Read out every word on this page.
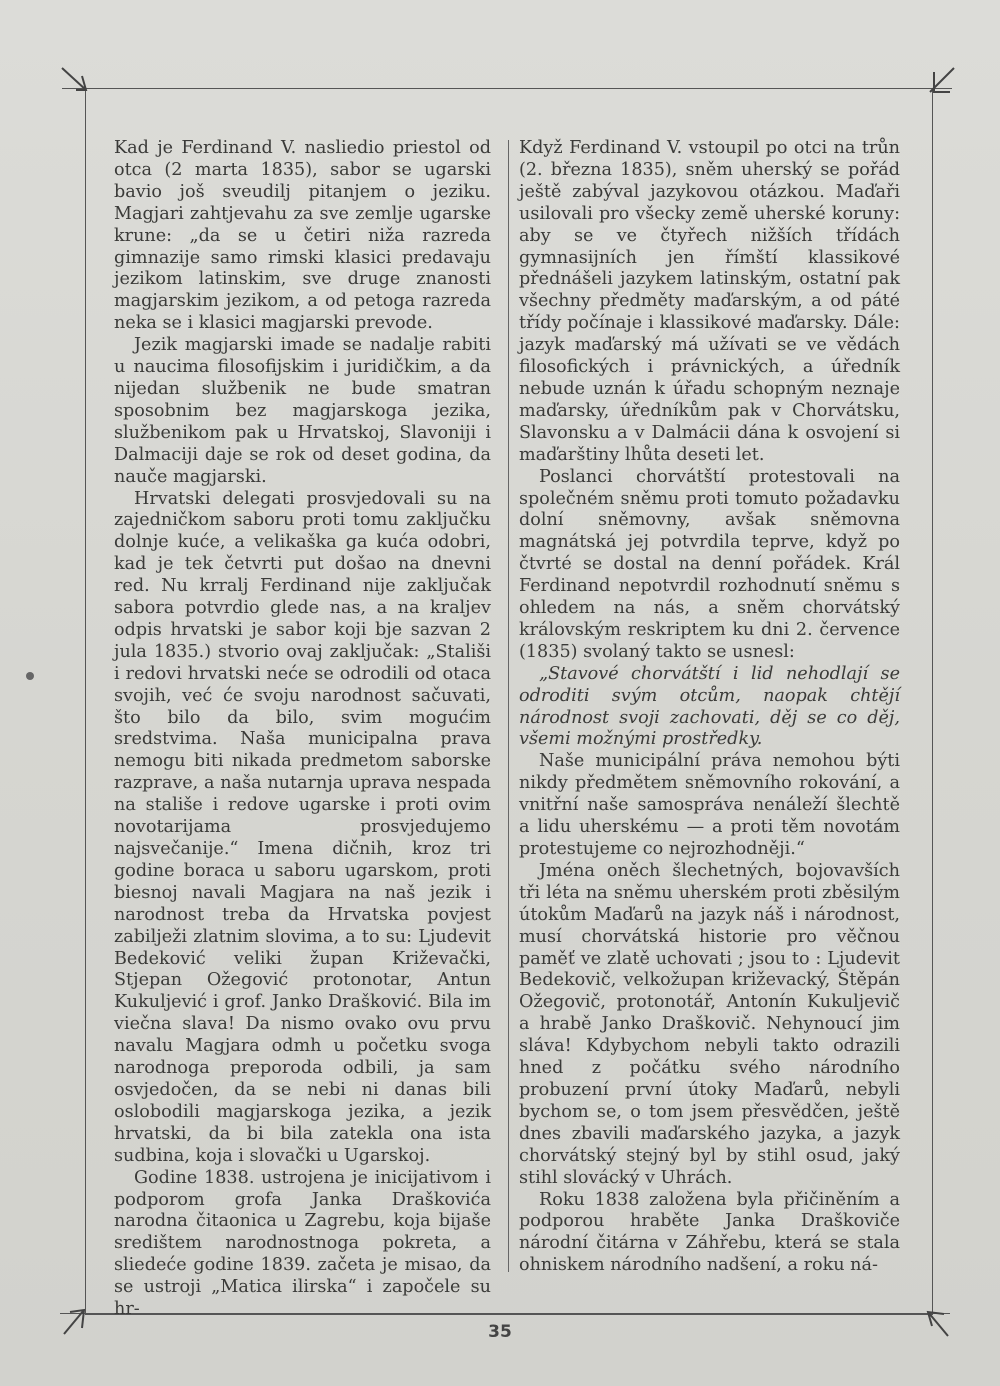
Kad je Ferdinand V. nasliedio priestol od otca (2 marta 1835), sabor se ugarski bavio još sveudilj pitanjem o jeziku. Magjari zahtjevahu za sve zemlje ugarske krune: „da se u četiri niža razreda gimnazije samo rimski klasici predavaju jezikom latinskim, sve druge znanosti magjarskim jezikom, a od petoga razreda neka se i klasici magjarski prevode.

Jezik magjarski imade se nadalje rabiti u naucima filosofijskim i juridičkim, a da nijedan službenik ne bude smatran sposobnim bez magjarskoga jezika, službenikom pak u Hrvatskoj, Slavoniji i Dalmaciji daje se rok od deset godina, da nauče magjarski.

Hrvatski delegati prosvjedovali su na zajedničkom saboru proti tomu zaključku dolnje kuće, a velikaška ga kuća odobri, kad je tek četvrti put došao na dnevni red. Nu krralj Ferdinand nije zaključak sabora potvrdio glede nas, a na kraljev odpis hrvatski je sabor koji bje sazvan 2 jula 1835.) stvorio ovaj zaključak: „Stališi i redovi hrvatski neće se odrodili od otaca svojih, već će svoju narodnost sačuvati, što bilo da bilo, svim mogućim sredstvima. Naša municipalna prava nemogu biti nikada predmetom saborske razprave, a naša nutarnja uprava nespada na stališe i redove ugarske i proti ovim novotarijama prosvjedujemo najsvečanije.“ Imena dičnih, kroz tri godine boraca u saboru ugarskom, proti biesnoj navali Magjara na naš jezik i narodnost treba da Hrvatska povjest zabilježi zlatnim slovima, a to su: Ljudevit Bedeković veliki župan Križevački, Stjepan Ožegović protonotar, Antun Kukuljević i grof. Janko Drašković. Bila im viečna slava! Da nismo ovako ovu prvu navalu Magjara odmh u početku svoga narodnoga preporoda odbili, ja sam osvjedočen, da se nebi ni danas bili oslobodili magjarskoga jezika, a jezik hrvatski, da bi bila zatekla ona ista sudbina, koja i slovački u Ugarskoj.

Godine 1838. ustrojena je inicijativom i podporom grofa Janka Draškovića narodna čitaonica u Zagrebu, koja bijaše središtem narodnostnoga pokreta, a sliedeće godine 1839. začeta je misao, da se ustroji „Matica ilirska“ i započele su hr-

Když Ferdinand V. vstoupil po otci na trůn (2. března 1835), sněm uherský se pořád ještě zabýval jazykovou otázkou. Maďaři usilovali pro všecky země uherské koruny: aby se ve čtyřech nižších třídách gymnasijních jen římští klassikové přednášeli jazykem latinským, ostatní pak všechny předměty maďarským, a od páté třídy počínaje i klassikové maďarsky. Dále: jazyk maďarský má užívati se ve vědách filosofických i právnických, a úředník nebude uznán k úřadu schopným neznaje maďarsky, úředníkům pak v Chorvátsku, Slavonsku a v Dalmácii dána k osvojení si maďarštiny lhůta deseti let.

Poslanci chorvátští protestovali na společném sněmu proti tomuto požadavku dolní sněmovny, avšak sněmovna magnátská jej potvrdila teprve, když po čtvrté se dostal na denní pořádek. Král Ferdinand nepotvrdil rozhodnutí sněmu s ohledem na nás, a sněm chorvátský královským reskriptem ku dni 2. července (1835) svolaný takto se usnesl:

„Stavové chorvátští i lid nehodlají se odroditi svým otcům, naopak chtějí národnost svoji zachovati, děj se co děj, všemi možnými prostředky.

Naše municipální práva nemohou býti nikdy předmětem sněmovního rokování, a vnitřní naše samospráva nenáleží šlechtě a lidu uherskému — a proti těm novotám protestujeme co nejrozhodněji.“

Jména oněch šlechetných, bojovavších tři léta na sněmu uherském proti zběsilým útokům Maďarů na jazyk náš i národnost, musí chorvátská historie pro věčnou paměť ve zlatě uchovati ; jsou to : Ljudevit Bedekovič, velkožupan križevacký, Štěpán Ožegovič, protonotář, Antonín Kukuljevič a hrabě Janko Draškovič. Nehynoucí jim sláva! Kdybychom nebyli takto odrazili hned z počátku svého národního probuzení první útoky Maďarů, nebyli bychom se, o tom jsem přesvědčen, ještě dnes zbavili maďarského jazyka, a jazyk chorvátský stejný byl by stihl osud, jaký stihl slovácký v Uhrách.

Roku 1838 založena byla přičiněním a podporou hraběte Janka Draškoviče národní čitárna v Záhřebu, která se stala ohniskem národního nadšení, a roku ná-

35
